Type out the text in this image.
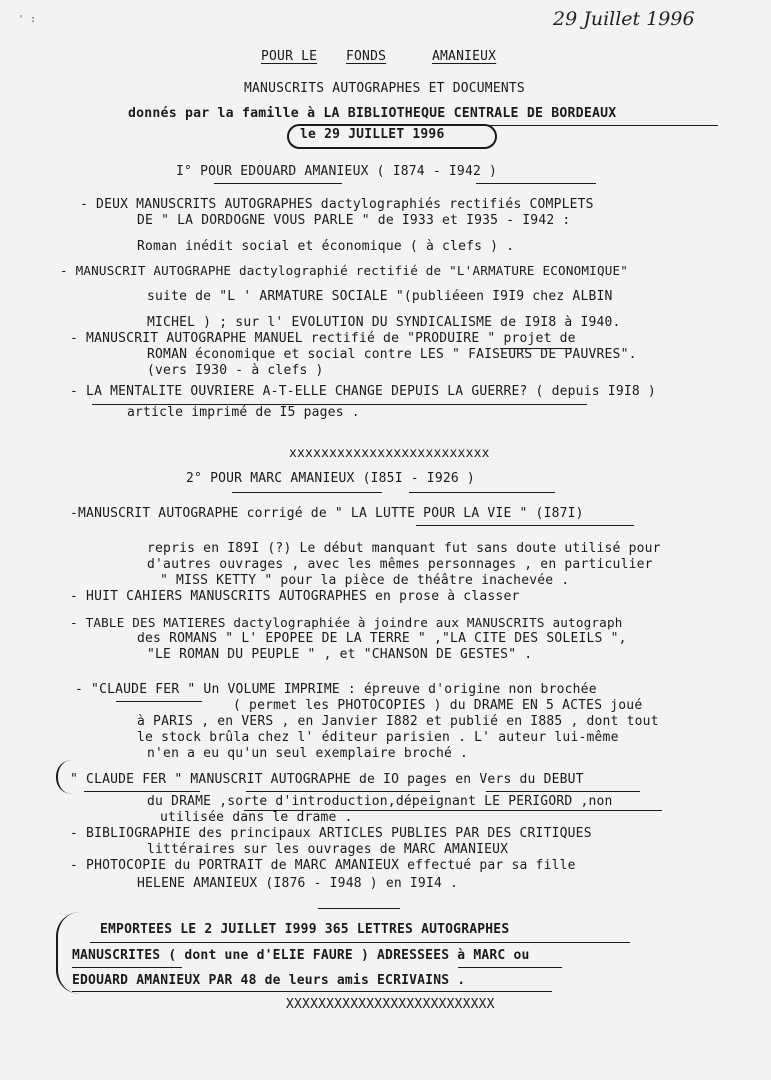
' :	29 Juillet 1996
POUR LE FONDS	AMANIEUX
MANUSCRITS AUTOGRAPHES ET DOCUMENTS
donnés par la famille à LA BIBLIOTHEQUE CENTRALE DE BORDEAUX
le 29 JUILLET 1996
I° POUR EDOUARD AMANIEUX ( I874 - I942 )
- DEUX MANUSCRITS AUTOGRAPHES dactylographiés rectifiés COMPLETS
DE " LA DORDOGNE VOUS PARLE " de I933 et I935 - I942 :
Roman inédit social et économique ( à clefs ) .
- MANUSCRIT AUTOGRAPHE dactylographié rectifié de "L'ARMATURE ECONOMIQUE"
suite de "L ' ARMATURE SOCIALE "(publiéeen I9I9 chez ALBIN
MICHEL ) ; sur l' EVOLUTION DU SYNDICALISME de I9I8 à I940.
- MANUSCRIT AUTOGRAPHE MANUEL rectifié de "PRODUIRE " projet de
ROMAN économique et social contre LES " FAISEURS DE PAUVRES".
(vers I930 - à clefs )
- LA MENTALITE OUVRIERE A-T-ELLE CHANGE DEPUIS LA GUERRE? ( depuis I9I8 )
article imprimé de I5 pages .
xxxxxxxxxxxxxxxxxxxxxxxxx
2° POUR MARC AMANIEUX (I85I - I926 )
-MANUSCRIT AUTOGRAPHE corrigé de " LA LUTTE POUR LA VIE " (I87I)
repris en I89I (?) Le début manquant fut sans doute utilisé pour
d'autres ouvrages , avec les mêmes personnages , en particulier
" MISS KETTY " pour la pièce de théâtre inachevée .
- HUIT CAHIERS MANUSCRITS AUTOGRAPHES en prose à classer
- TABLE DES MATIERES dactylographiée à joindre aux MANUSCRITS autograph
des ROMANS " L' EPOPEE DE LA TERRE " ,"LA CITE DES SOLEILS ",
"LE ROMAN DU PEUPLE " , et "CHANSON DE GESTES" .
- "CLAUDE FER " Un VOLUME IMPRIME : épreuve d'origine non brochée
( permet les PHOTOCOPIES ) du DRAME EN 5 ACTES joué
à PARIS , en VERS , en Janvier I882 et publié en I885 , dont tout
le stock brûla chez l' éditeur parisien . L' auteur lui-même
n'en a eu qu'un seul exemplaire broché .
" CLAUDE FER " MANUSCRIT AUTOGRAPHE de IO pages en Vers du DEBUT
du DRAME ,sorte d'introduction,dépeignant LE PERIGORD ,non
utilisée dans le drame .
- BIBLIOGRAPHIE des principaux ARTICLES PUBLIES PAR DES CRITIQUES
littéraires sur les ouvrages de MARC AMANIEUX
- PHOTOCOPIE du PORTRAIT de MARC AMANIEUX effectué par sa fille
HELENE AMANIEUX (I876 - I948 ) en I9I4 .
EMPORTEES LE 2 JUILLET I999 365 LETTRES AUTOGRAPHES
MANUSCRITES ( dont une d'ELIE FAURE ) ADRESSEES à MARC ou
EDOUARD AMANIEUX PAR 48 de leurs amis ECRIVAINS .
XXXXXXXXXXXXXXXXXXXXXXXXXX
